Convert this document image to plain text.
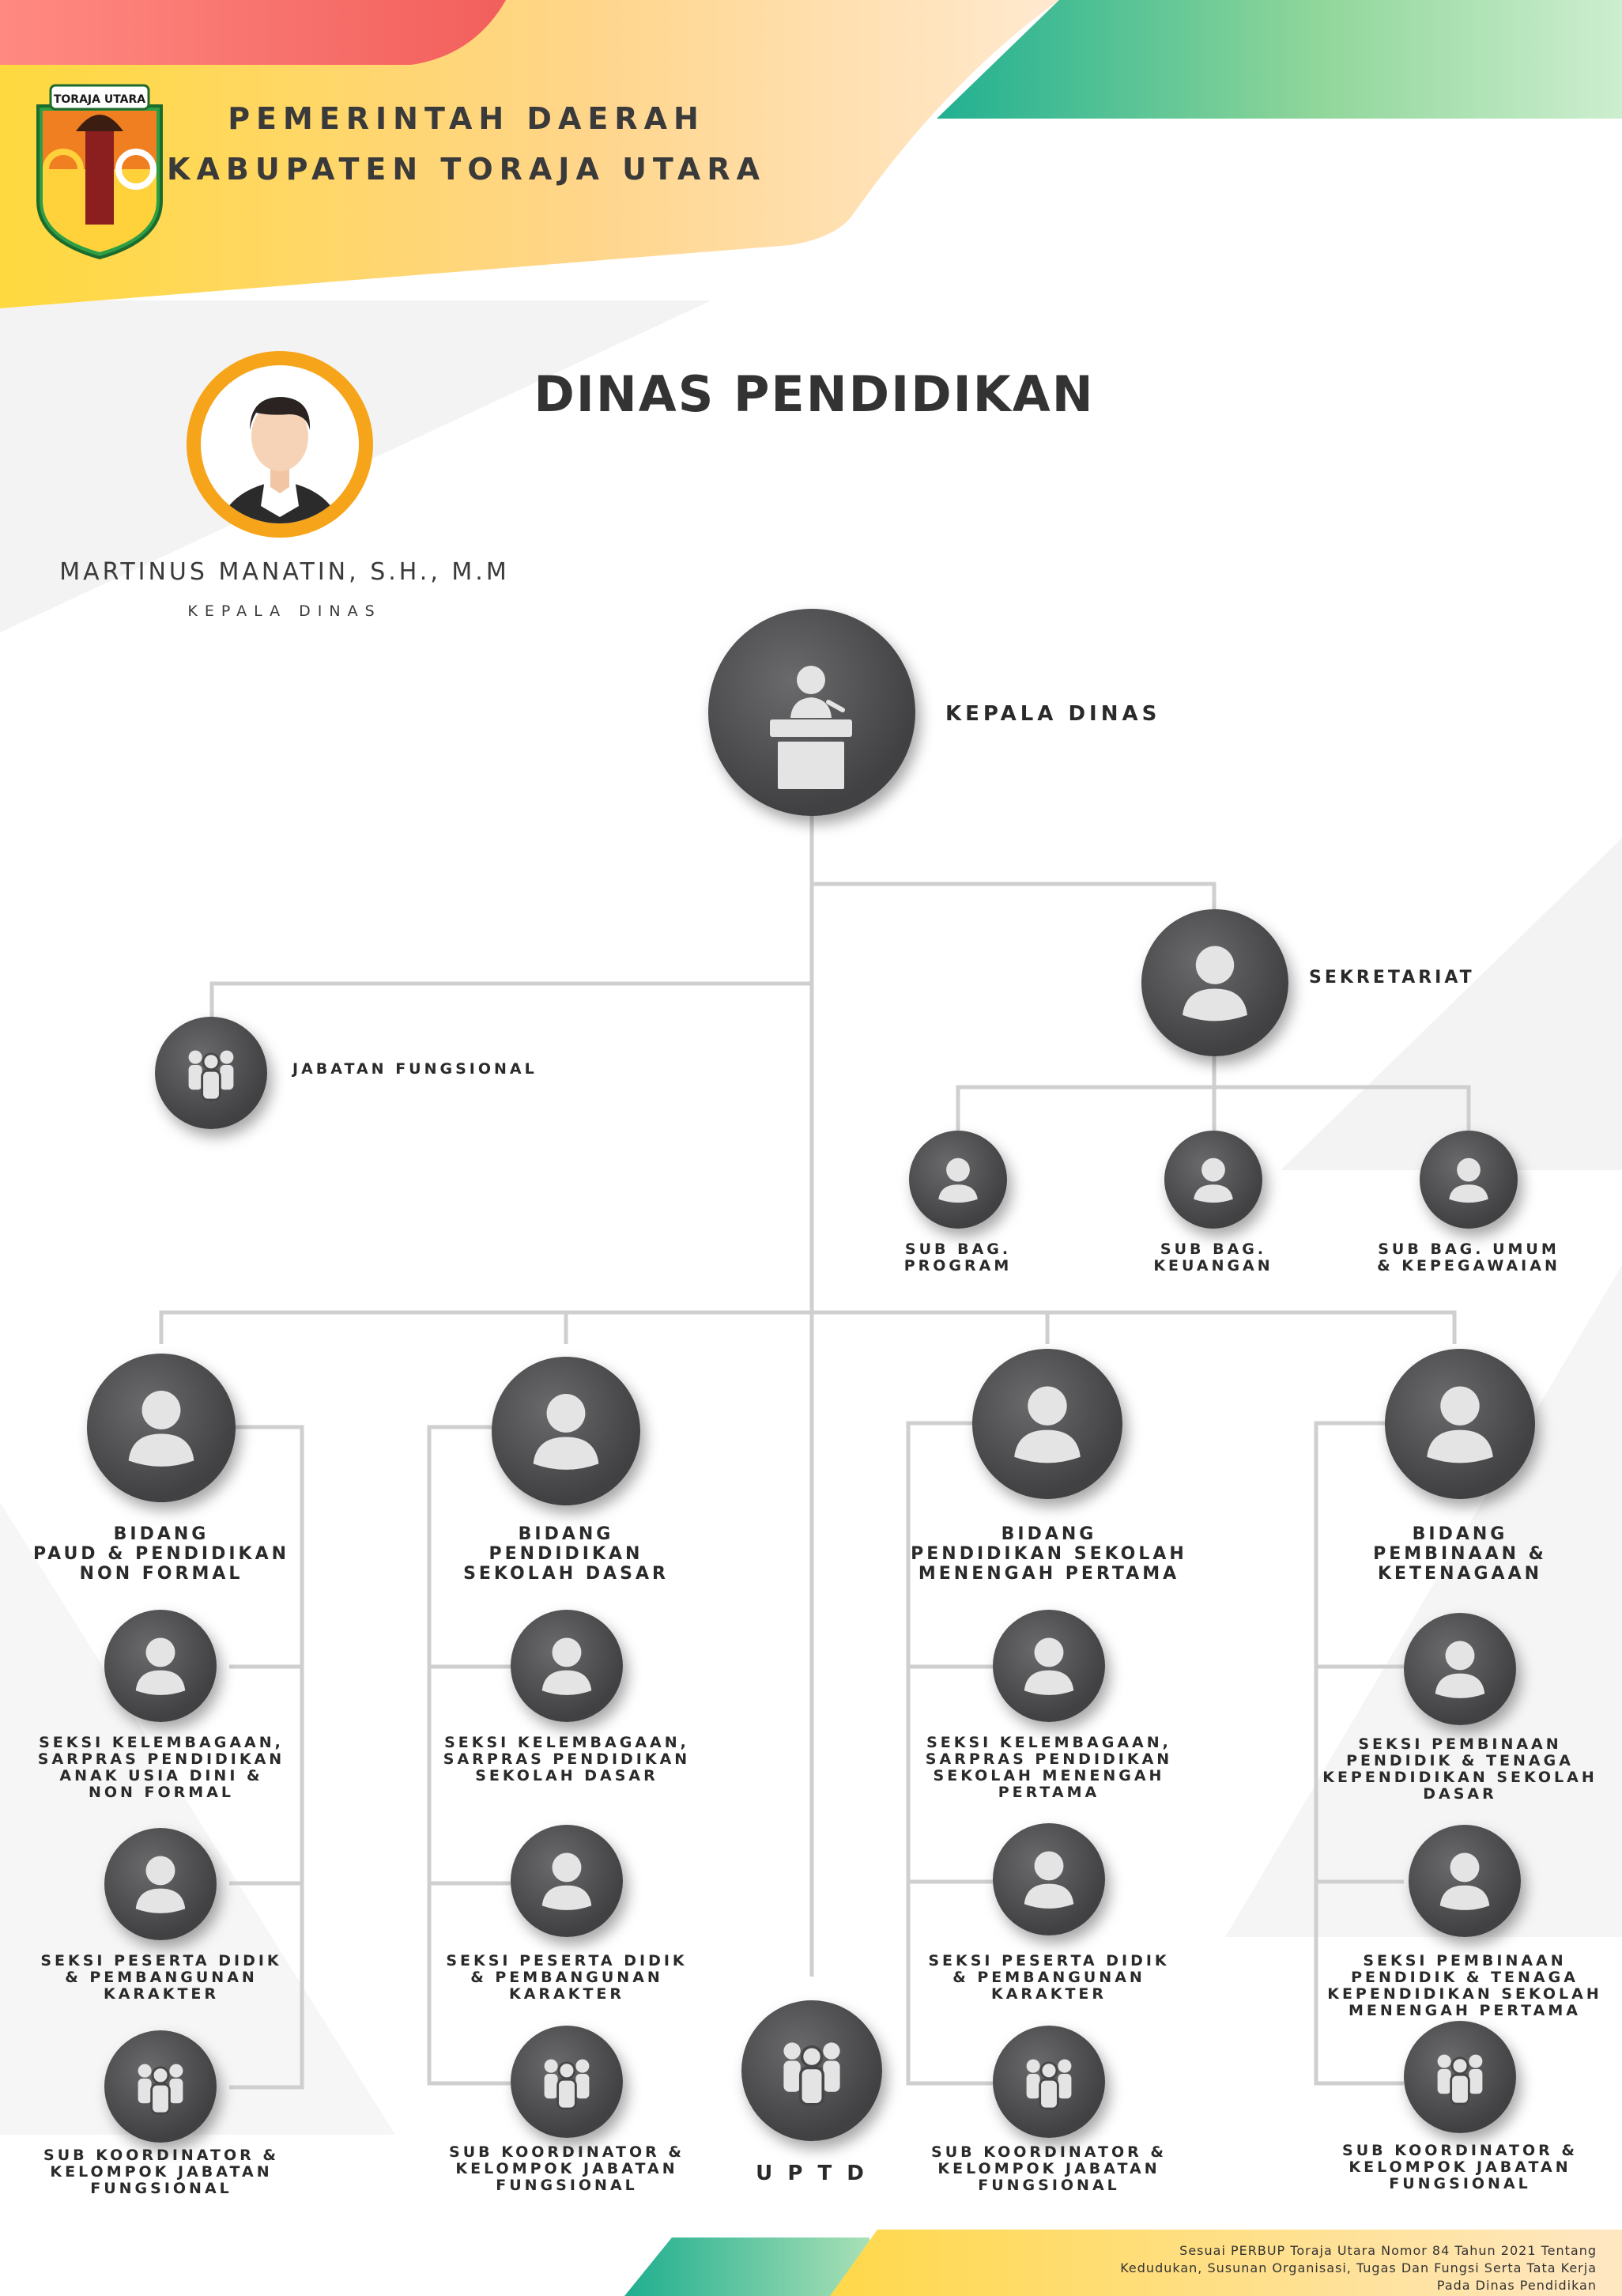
TORAJA UTARA
PEMERINTAH DAERAH
KABUPATEN TORAJA UTARA
DINAS PENDIDIKAN
MARTINUS MANATIN, S.H., M.M
KEPALA DINAS
KEPALA DINAS
SEKRETARIAT
JABATAN FUNGSIONAL
SUB BAG. PROGRAM
SUB BAG. KEUANGAN
SUB BAG. UMUM
& KEPEGAWAIAN
BIDANG
PAUD & PENDIDIKAN
NON FORMAL
SEKSI KELEMBAGAAN,
SARPRAS PENDIDIKAN
ANAK USIA DINI &
NON FORMAL
SEKSI PESERTA DIDIK
& PEMBANGUNAN
KARAKTER
SUB KOORDINATOR &
KELOMPOK JABATAN
FUNGSIONAL
BIDANG
PENDIDIKAN
SEKOLAH DASAR
SEKSI KELEMBAGAAN,
SARPRAS PENDIDIKAN
SEKOLAH DASAR
SEKSI PESERTA DIDIK
& PEMBANGUNAN
KARAKTER
SUB KOORDINATOR &
KELOMPOK JABATAN
FUNGSIONAL	U P T D
BIDANG
PENDIDIKAN SEKOLAH
MENENGAH PERTAMA
SEKSI KELEMBAGAAN,
SARPRAS PENDIDIKAN
SEKOLAH MENENGAH
PERTAMA
SEKSI PESERTA DIDIK
& PEMBANGUNAN
KARAKTER
SUB KOORDINATOR &
KELOMPOK JABATAN
FUNGSIONAL
BIDANG
PEMBINAAN &
KETENAGAAN
SEKSI PEMBINAAN
PENDIDIK & TENAGA
KEPENDIDIKAN SEKOLAH
DASAR
SEKSI PEMBINAAN
PENDIDIK & TENAGA
KEPENDIDIKAN SEKOLAH
MENENGAH PERTAMA
SUB KOORDINATOR &
KELOMPOK JABATAN
FUNGSIONAL
Sesuai PERBUP Toraja Utara Nomor 84 Tahun 2021 Tentang
Kedudukan, Susunan Organisasi, Tugas Dan Fungsi Serta Tata Kerja
Pada Dinas Pendidikan
